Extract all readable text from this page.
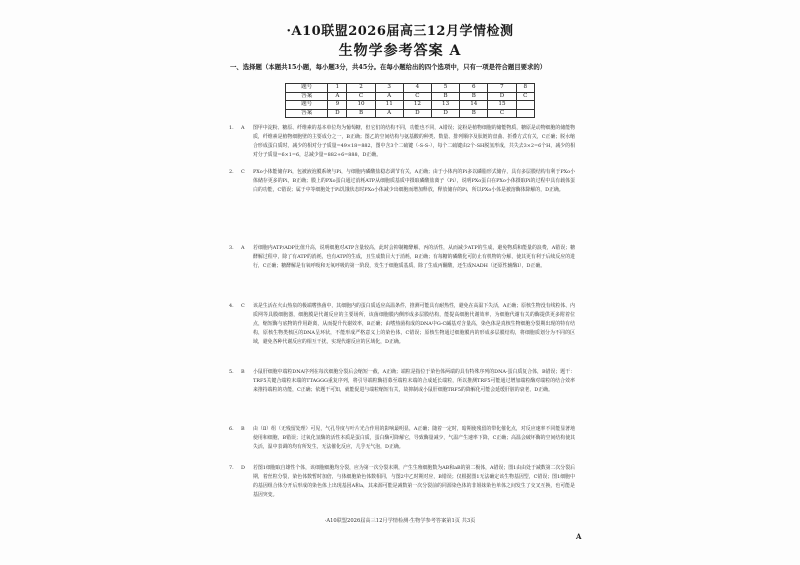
·A10联盟2026届高三12月学情检测
生物学参考答案 A
一、选择题（本题共15小题，每小题3分，共45分。在每小题给出的四个选项中，只有一项是符合题目要求的）
题号	1	2	3	4	5	6	7	8
答案	A	C	A	C	B	B	D	C
题号	9	10	11	12	13	14	15	
答案	D	B	A	D	D	B	C	
1.	A	图甲中淀粉、糖原、纤维素的基本单位均为葡萄糖，但它们的结构不同，功能也不同，A错误；淀粉是植物细胞的储能物质，糖原是动物细胞的储能物质，纤维素是植物细胞壁的主要成分之一，B正确；图乙的空间结构与氨基酸的种类、数量、排列顺序及肽链的盘曲、折叠方式有关，C正确；脱水缩合形成蛋白质时，减少的相对分子质量=49×18=882，图中含3个二硫键（-S-S-），每个二硫键由2个-SH脱氢形成，共失去3×2=6个H，减少的相对分子质量=6×1=6，总减少量=882+6=888，D正确。
2.	C	PXo小体能储存Pi，包被液泡膜系统与Pi，与细胞内磷酸盐稳态调节有关，A正确；由于小体内的Pi多以磷脂形式储存，具有多层膜结构有利于PXo小体储存更多的Pi，B正确；膜上的PXo蛋白通过消耗ATP从细胞质基质中摄取磷酸盐离子（Pi），说明PXo蛋白在PXo小体摄取Pi的过程中具有载体蛋白的功能，C错误；属于中等细胞处于Pi饥饿状态时PXo小体减少出细胞而增加释放，释放储存的Pi，所以PXo小体是被溶酶体降解的，D正确。
3.	A	若细胞内ATP/ADP比值升高，说明细胞对ATP含量较高，此时会抑制糖酵解，丙的活性，从而减少ATP的生成，避免物质和能量的浪费，A错误；糖酵解过程中，除了有ATP的消耗，也有ATP的生成，且生成数目大于消耗，B正确；有每糖的磷酸化可防止有机物的分解，使其更有利于后续反应的进行，C正确；糖酵解是有氧呼吸和无氧呼吸的第一阶段，发生于细胞质基质，除了生成丙酮酸，还生成NADH（还原性辅酶I），D正确。
4.	C	该是生活在火山热泉的极端嗜热菌中，其细胞内的蛋白质适应高温条件，推测可能具有耐热性，避免在高温下失活，A正确；原核生物没有线粒体、内质网等具膜细胞器，细胞膜是代谢反应的主要场所，该菌细胞膜内侧形成多层膜结构，能提高细胞代谢效率，为细胞代谢有关的酶提供更多附着位点，缩短酶与底物的作用距离，从而提升代谢效率，B正确；由嗜热菌构成的DNA中G-C碱基对含量高，染色体是真核生物细胞分裂期出现的特有结构，原核生物类核区的DNA呈环状，不能形成严格意义上的染色体，C错误；原核生物通过细胞膜内的形成多层膜结构，将细胞质划分为不同的区域，避免各种代谢反应的相互干扰，实现代谢反应的区域化，D正确。
5.	B	小鼠肝细胞中端粒DNA序列在每次细胞分裂后会缩短一截，A正确；端粒是指位于染色体两端的具有特殊序列的DNA-蛋白质复合体，B错误；题干：TRF5关键合端粒末端的TTAGGG重复序列，将引导端粒酶招募至端粒末端的合成延长端粒，所以推测TRF5可能通过增加端粒酶对端粒的结合效率来推持端粒的功能，C正确；依题干可知，就能促进与端粒缩短有关，故抑制或小鼠肝细胞TRF5的降解化可能会延缓肝脏的衰老，D正确。
6.	B	由（Ⅱ）组（无残留处理）可见，气孔导度与叶片光合作用的影响最明显，A正确；随着一定时，暗期使残留的带化催化点，对反应速率不同能显著地使用和细胞，B错误；过氧化氢酶的活性本质是蛋白质，蛋白酶可降解它，导致酶量减少，气温产生速率下降，C正确；高温会破坏酶的空间结构使其失活，温中表调的均有所发生，无法催化反应，几乎无气泡，D正确。
7.	D	若图1细胞取自雄性个体，该细胞细胞均分裂，应为第一次分裂末期，产生生殖细胞数为AB和aB的第二极体，A错误；图1由由处于减数第二次分裂后期，着丝粒分裂，染色体数暂时加倍，与体细胞染色体数相同，与图2中乙时期对应，B错误；仅根据图1无法确定该生物基因型，C错误；图1细胞中的基因组合体分开后形成的染色体上出现基因A和a，其来源可能是减数第一次分裂前的同源染色体的非姐妹染色单体之间发生了交叉互换，也可能是基因突变。
·A10联盟2026届高三12月学情检测·生物学参考答案第1页 共3页
A
